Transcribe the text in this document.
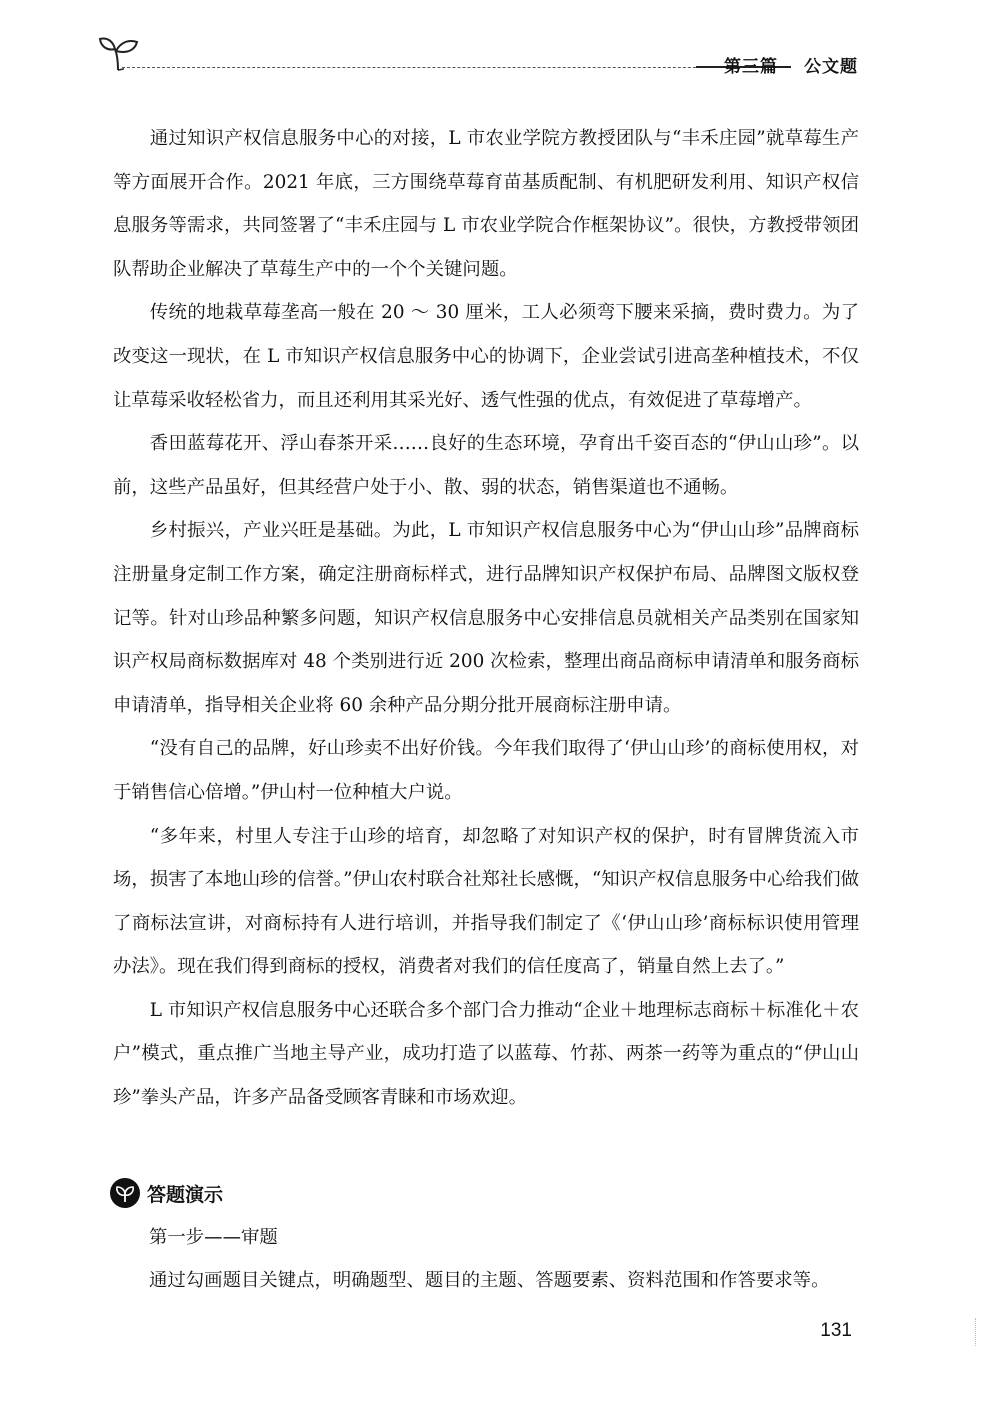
第三篇 公文题

通过知识产权信息服务中心的对接，L 市农业学院方教授团队与“丰禾庄园”就草莓生产等方面展开合作。2021 年底，三方围绕草莓育苗基质配制、有机肥研发利用、知识产权信息服务等需求，共同签署了“丰禾庄园与 L 市农业学院合作框架协议”。很快，方教授带领团队帮助企业解决了草莓生产中的一个个关键问题。

传统的地栽草莓垄高一般在 20 ～ 30 厘米，工人必须弯下腰来采摘，费时费力。为了改变这一现状，在 L 市知识产权信息服务中心的协调下，企业尝试引进高垄种植技术，不仅让草莓采收轻松省力，而且还利用其采光好、透气性强的优点，有效促进了草莓增产。

香田蓝莓花开、浮山春茶开采……良好的生态环境，孕育出千姿百态的“伊山山珍”。以前，这些产品虽好，但其经营户处于小、散、弱的状态，销售渠道也不通畅。

乡村振兴，产业兴旺是基础。为此，L 市知识产权信息服务中心为“伊山山珍”品牌商标注册量身定制工作方案，确定注册商标样式，进行品牌知识产权保护布局、品牌图文版权登记等。针对山珍品种繁多问题，知识产权信息服务中心安排信息员就相关产品类别在国家知识产权局商标数据库对 48 个类别进行近 200 次检索，整理出商品商标申请清单和服务商标申请清单，指导相关企业将 60 余种产品分期分批开展商标注册申请。

“没有自己的品牌，好山珍卖不出好价钱。今年我们取得了‘伊山山珍’的商标使用权，对于销售信心倍增。”伊山村一位种植大户说。

“多年来，村里人专注于山珍的培育，却忽略了对知识产权的保护，时有冒牌货流入市场，损害了本地山珍的信誉。”伊山农村联合社郑社长感慨，“知识产权信息服务中心给我们做了商标法宣讲，对商标持有人进行培训，并指导我们制定了《‘伊山山珍’商标标识使用管理办法》。现在我们得到商标的授权，消费者对我们的信任度高了，销量自然上去了。”

L 市知识产权信息服务中心还联合多个部门合力推动“企业＋地理标志商标＋标准化＋农户”模式，重点推广当地主导产业，成功打造了以蓝莓、竹荪、两茶一药等为重点的“伊山山珍”拳头产品，许多产品备受顾客青睐和市场欢迎。

答题演示
第一步——审题
通过勾画题目关键点，明确题型、题目的主题、答题要素、资料范围和作答要求等。
131
